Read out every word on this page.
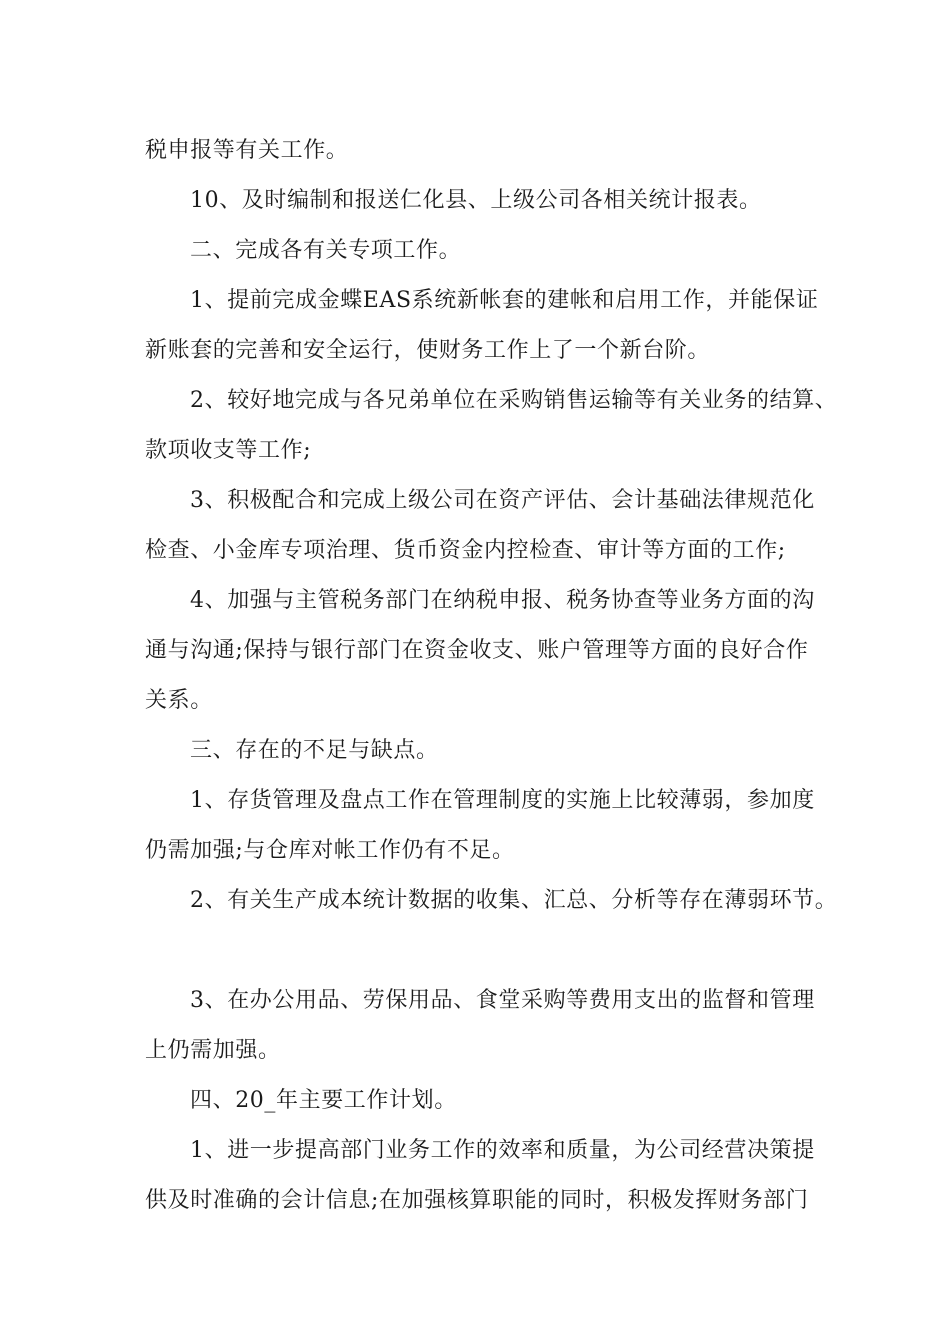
税申报等有关工作。

10、及时编制和报送仁化县、上级公司各相关统计报表。

二、完成各有关专项工作。

1、提前完成金蝶EAS系统新帐套的建帐和启用工作，并能保证

新账套的完善和安全运行，使财务工作上了一个新台阶。

2、较好地完成与各兄弟单位在采购销售运输等有关业务的结算、

款项收支等工作;

3、积极配合和完成上级公司在资产评估、会计基础法律规范化

检查、小金库专项治理、货币资金内控检查、审计等方面的工作;

4、加强与主管税务部门在纳税申报、税务协查等业务方面的沟

通与沟通;保持与银行部门在资金收支、账户管理等方面的良好合作

关系。

三、存在的不足与缺点。

1、存货管理及盘点工作在管理制度的实施上比较薄弱，参加度

仍需加强;与仓库对帐工作仍有不足。

2、有关生产成本统计数据的收集、汇总、分析等存在薄弱环节。

3、在办公用品、劳保用品、食堂采购等费用支出的监督和管理

上仍需加强。

四、20_年主要工作计划。

1、进一步提高部门业务工作的效率和质量，为公司经营决策提

供及时准确的会计信息;在加强核算职能的同时，积极发挥财务部门
